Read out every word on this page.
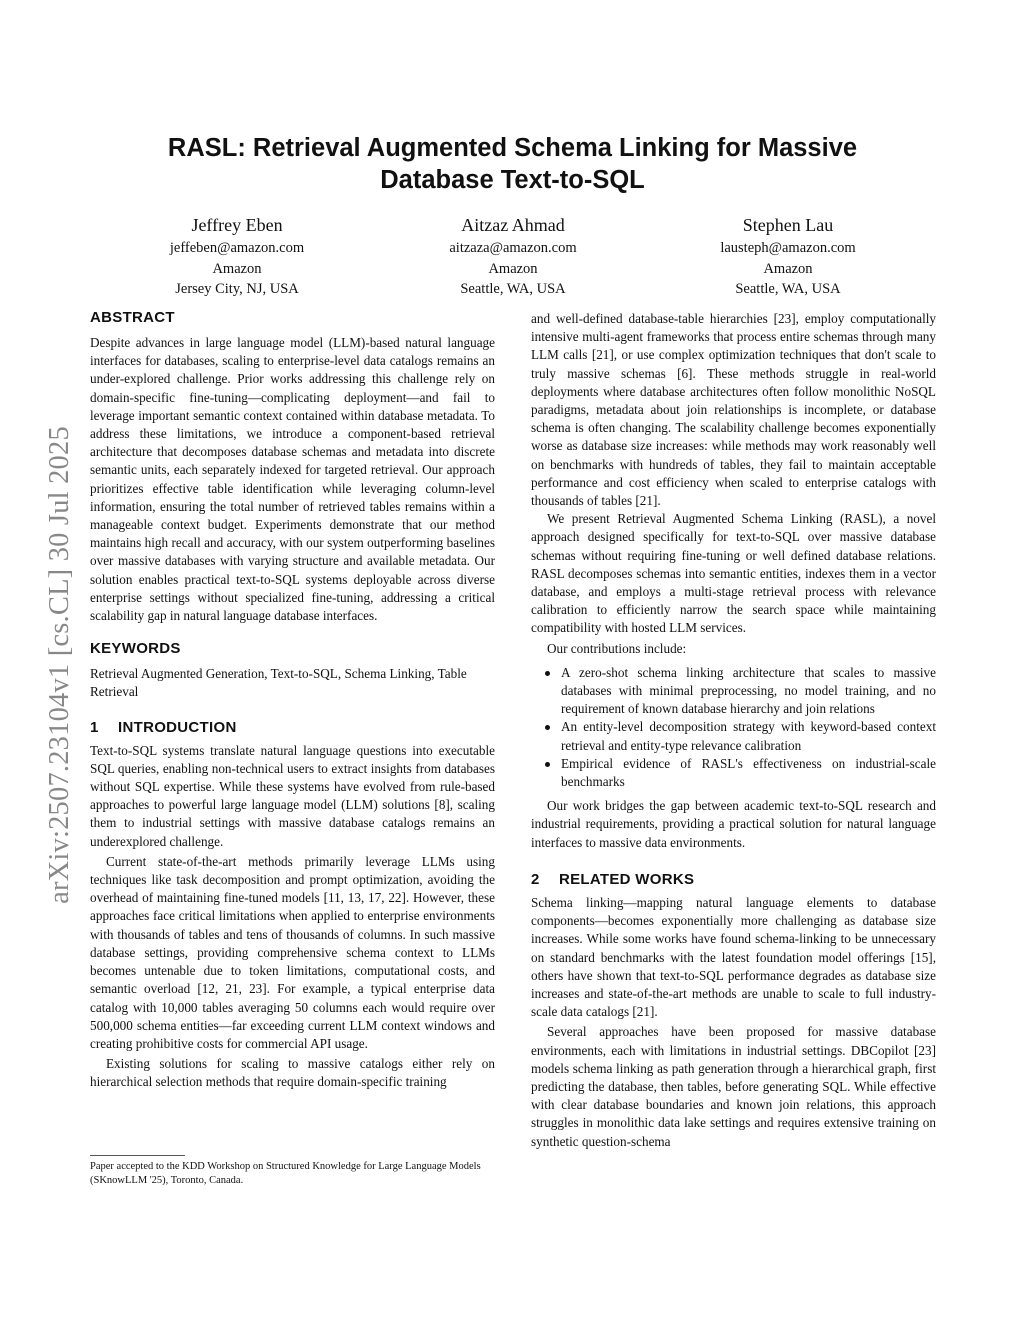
arXiv:2507.23104v1 [cs.CL] 30 Jul 2025
RASL: Retrieval Augmented Schema Linking for Massive
Database Text-to-SQL
Jeffrey Eben
jeffeben@amazon.com
Amazon
Jersey City, NJ, USA
Aitzaz Ahmad
aitzaza@amazon.com
Amazon
Seattle, WA, USA
Stephen Lau
lausteph@amazon.com
Amazon
Seattle, WA, USA
ABSTRACT

Despite advances in large language model (LLM)-based natural language interfaces for databases, scaling to enterprise-level data catalogs remains an under-explored challenge. Prior works addressing this challenge rely on domain-specific fine-tuning—complicating deployment—and fail to leverage important semantic context contained within database metadata. To address these limitations, we introduce a component-based retrieval architecture that decomposes database schemas and metadata into discrete semantic units, each separately indexed for targeted retrieval. Our approach prioritizes effective table identification while leveraging column-level information, ensuring the total number of retrieved tables remains within a manageable context budget. Experiments demonstrate that our method maintains high recall and accuracy, with our system outperforming baselines over massive databases with varying structure and available metadata. Our solution enables practical text-to-SQL systems deployable across diverse enterprise settings without specialized fine-tuning, addressing a critical scalability gap in natural language database interfaces.

KEYWORDS

Retrieval Augmented Generation, Text-to-SQL, Schema Linking, Table Retrieval

1 INTRODUCTION

Text-to-SQL systems translate natural language questions into executable SQL queries, enabling non-technical users to extract insights from databases without SQL expertise. While these systems have evolved from rule-based approaches to powerful large language model (LLM) solutions [8], scaling them to industrial settings with massive database catalogs remains an underexplored challenge.

Current state-of-the-art methods primarily leverage LLMs using techniques like task decomposition and prompt optimization, avoiding the overhead of maintaining fine-tuned models [11, 13, 17, 22]. However, these approaches face critical limitations when applied to enterprise environments with thousands of tables and tens of thousands of columns. In such massive database settings, providing comprehensive schema context to LLMs becomes untenable due to token limitations, computational costs, and semantic overload [12, 21, 23]. For example, a typical enterprise data catalog with 10,000 tables averaging 50 columns each would require over 500,000 schema entities—far exceeding current LLM context windows and creating prohibitive costs for commercial API usage.

Existing solutions for scaling to massive catalogs either rely on hierarchical selection methods that require domain-specific training

Paper accepted to the KDD Workshop on Structured Knowledge for Large Language Models (SKnowLLM '25), Toronto, Canada.

and well-defined database-table hierarchies [23], employ computationally intensive multi-agent frameworks that process entire schemas through many LLM calls [21], or use complex optimization techniques that don't scale to truly massive schemas [6]. These methods struggle in real-world deployments where database architectures often follow monolithic NoSQL paradigms, metadata about join relationships is incomplete, or database schema is often changing. The scalability challenge becomes exponentially worse as database size increases: while methods may work reasonably well on benchmarks with hundreds of tables, they fail to maintain acceptable performance and cost efficiency when scaled to enterprise catalogs with thousands of tables [21].

We present Retrieval Augmented Schema Linking (RASL), a novel approach designed specifically for text-to-SQL over massive database schemas without requiring fine-tuning or well defined database relations. RASL decomposes schemas into semantic entities, indexes them in a vector database, and employs a multi-stage retrieval process with relevance calibration to efficiently narrow the search space while maintaining compatibility with hosted LLM services.

Our contributions include:

A zero-shot schema linking architecture that scales to massive databases with minimal preprocessing, no model training, and no requirement of known database hierarchy and join relations
An entity-level decomposition strategy with keyword-based context retrieval and entity-type relevance calibration
Empirical evidence of RASL's effectiveness on industrial-scale benchmarks

Our work bridges the gap between academic text-to-SQL research and industrial requirements, providing a practical solution for natural language interfaces to massive data environments.

2 RELATED WORKS

Schema linking—mapping natural language elements to database components—becomes exponentially more challenging as database size increases. While some works have found schema-linking to be unnecessary on standard benchmarks with the latest foundation model offerings [15], others have shown that text-to-SQL performance degrades as database size increases and state-of-the-art methods are unable to scale to full industry-scale data catalogs [21].

Several approaches have been proposed for massive database environments, each with limitations in industrial settings. DBCopilot [23] models schema linking as path generation through a hierarchical graph, first predicting the database, then tables, before generating SQL. While effective with clear database boundaries and known join relations, this approach struggles in monolithic data lake settings and requires extensive training on synthetic question-schema
